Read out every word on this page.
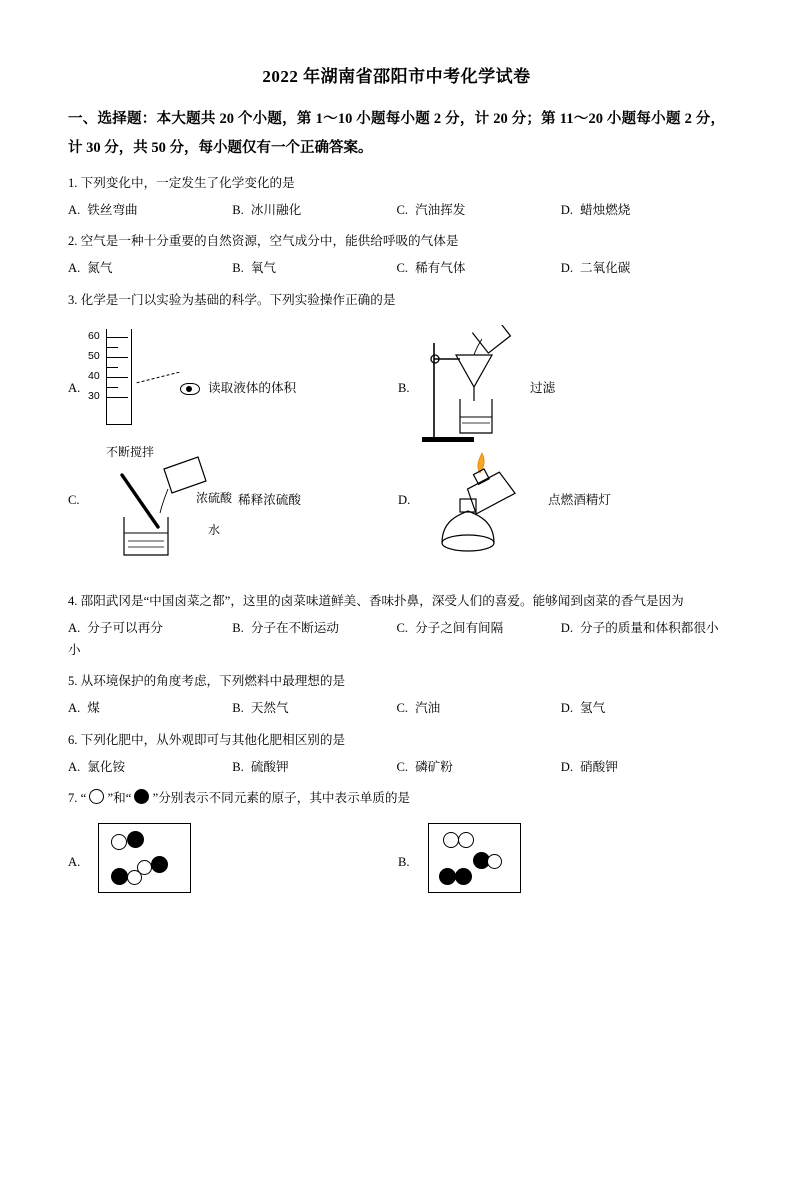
2022 年湖南省邵阳市中考化学试卷
一、选择题：本大题共 20 个小题，第 1～10 小题每小题 2 分，计 20 分；第 11～20 小题每小题 2 分，计 30 分，共 50 分，每小题仅有一个正确答案。
1. 下列变化中，一定发生了化学变化的是
A. 铁丝弯曲	B. 冰川融化	C. 汽油挥发	D. 蜡烛燃烧
2. 空气是一种十分重要的自然资源，空气成分中，能供给呼吸的气体是
A. 氮气	B. 氧气	C. 稀有气体	D. 二氧化碳
3. 化学是一门以实验为基础的科学。下列实验操作正确的是
A.
60
50
40
30
读取液体的体积	B.	过滤
C.
不断搅拌
浓硫酸
水
稀释浓硫酸	D.	点燃酒精灯
4. 邵阳武冈是“中国卤菜之都”，这里的卤菜味道鲜美、香味扑鼻，深受人们的喜爱。能够闻到卤菜的香气是因为
A. 分子可以再分	B. 分子在不断运动	C. 分子之间有间隔	D. 分子的质量和体积都很小
小
5. 从环境保护的角度考虑，下列燃料中最理想的是
A. 煤	B. 天然气	C. 汽油	D. 氢气
6. 下列化肥中，从外观即可与其他化肥相区别的是
A. 氯化铵	B. 硫酸钾	C. 磷矿粉	D. 硝酸钾
7. “ ”和“ ”分别表示不同元素的原子，其中表示单质的是
A.	B.
